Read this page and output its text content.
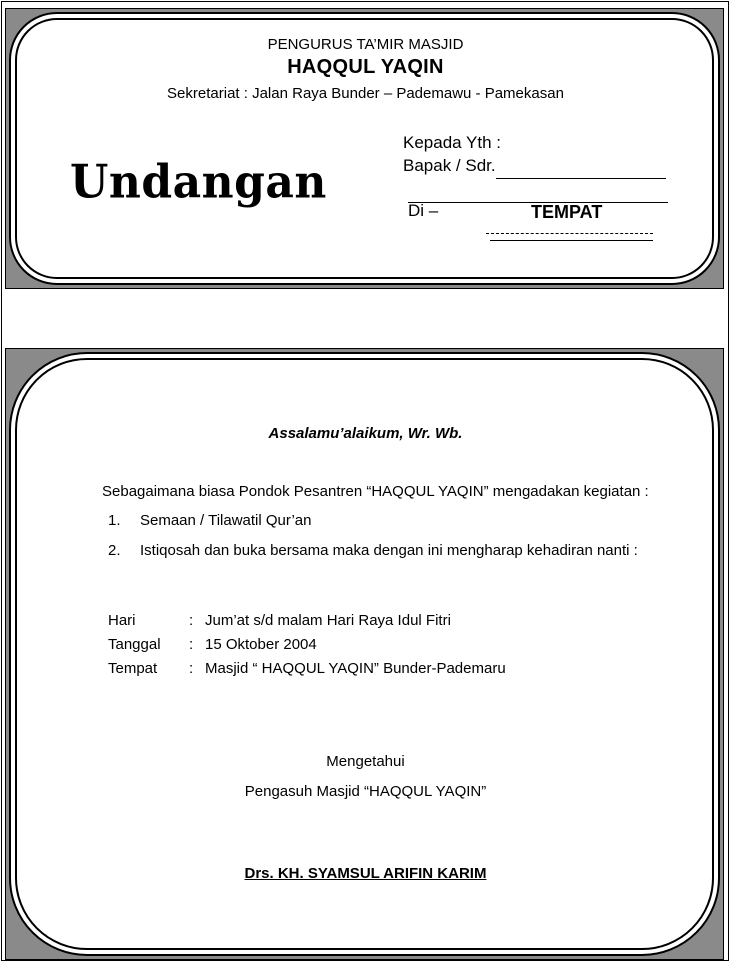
PENGURUS TA’MIR MASJID
HAQQUL YAQIN
Sekretariat : Jalan Raya Bunder – Pademawu - Pamekasan
Undangan
Kepada Yth :
Bapak / Sdr.
Di –	TEMPAT
Assalamu’alaikum, Wr. Wb.
Sebagaimana biasa Pondok Pesantren “HAQQUL YAQIN” mengadakan kegiatan :
1. Semaan / Tilawatil Qur’an
2. Istiqosah dan buka bersama maka dengan ini mengharap kehadiran nanti :
Hari	: Jum’at s/d malam Hari Raya Idul Fitri
Tanggal : 15 Oktober 2004
Tempat : Masjid “ HAQQUL YAQIN” Bunder-Pademaru
Mengetahui
Pengasuh Masjid “HAQQUL YAQIN”
Drs. KH. SYAMSUL ARIFIN KARIM
